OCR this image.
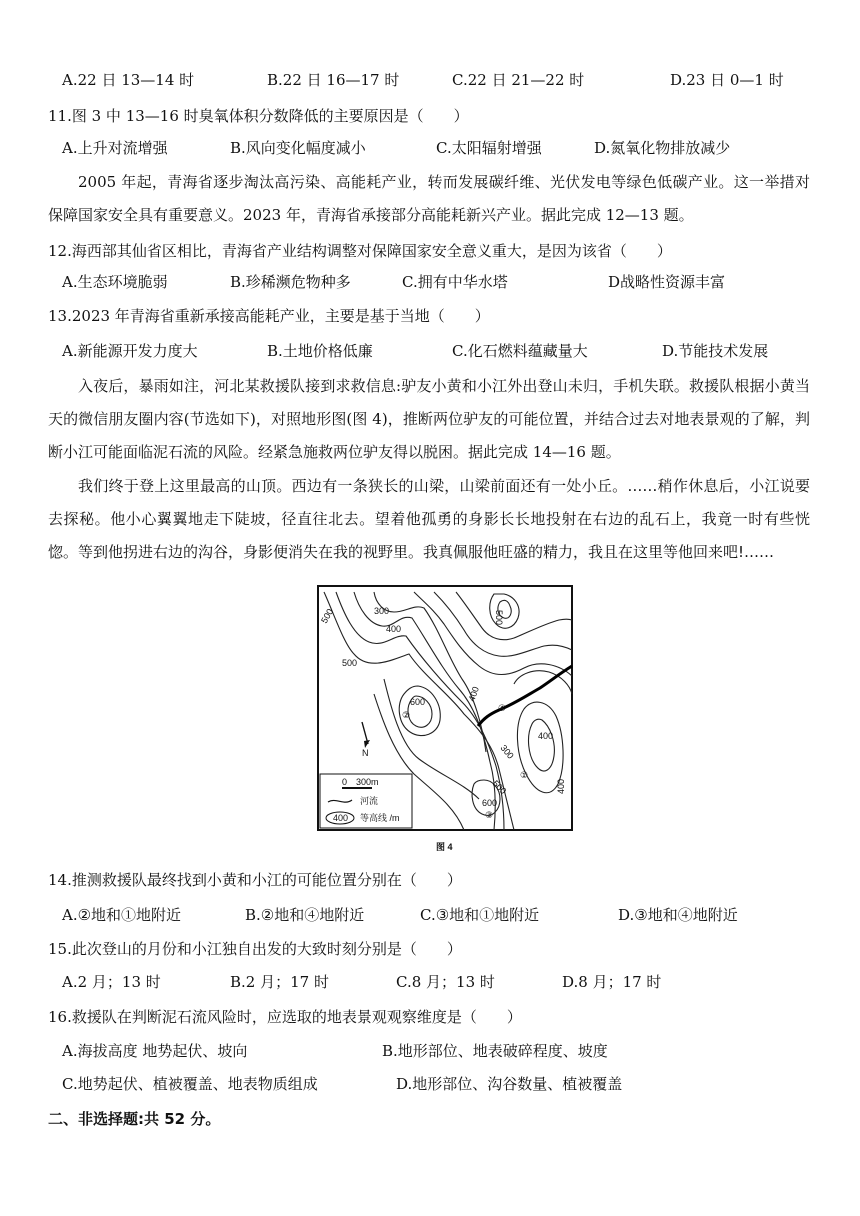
A.22 日 13—14 时	B.22 日 16—17 时	C.22 日 21—22 时	D.23 日 0—1 时
11.图 3 中 13—16 时臭氧体积分数降低的主要原因是（　　）
A.上升对流增强	B.风向变化幅度减小	C.太阳辐射增强	D.氮氧化物排放减少
2005 年起，青海省逐步淘汰高污染、高能耗产业，转而发展碳纤维、光伏发电等绿色低碳产业。这一举措对保障国家安全具有重要意义。2023 年，青海省承接部分高能耗新兴产业。据此完成 12—13 题。
12.海西部其仙省区相比，青海省产业结构调整对保障国家安全意义重大，是因为该省（　　）
A.生态环境脆弱	B.珍稀濒危物种多	C.拥有中华水塔	D战略性资源丰富
13.2023 年青海省重新承接高能耗产业，主要是基于当地（　　）
A.新能源开发力度大	B.土地价格低廉	C.化石燃料蕴藏量大	D.节能技术发展
入夜后，暴雨如注，河北某救援队接到求救信息:驴友小黄和小江外出登山未归，手机失联。救援队根据小黄当天的微信朋友圈内容(节选如下)，对照地形图(图 4)，推断两位驴友的可能位置，并结合过去对地表景观的了解，判断小江可能面临泥石流的风险。经紧急施救两位驴友得以脱困。据此完成 14—16 题。
我们终于登上这里最高的山顶。西边有一条狭长的山梁，山梁前面还有一处小丘。……稍作休息后，小江说要去探秘。他小心翼翼地走下陡坡，径直往北去。望着他孤勇的身影长长地投射在右边的乱石上，我竟一时有些恍惚。等到他拐进右边的沟谷，身影便消失在我的视野里。我真佩服他旺盛的精力，我且在这里等他回来吧!……
300
400
500
500
600	400
400
300
500	400
600
500
②
④
①
③
N
0　300m
河流
400 等高线 /m
图 4
14.推测救援队最终找到小黄和小江的可能位置分别在（　　）
A.②地和①地附近	B.②地和④地附近	C.③地和①地附近	D.③地和④地附近
15.此次登山的月份和小江独自出发的大致时刻分别是（　　）
A.2 月；13 时	B.2 月；17 时	C.8 月；13 时	D.8 月；17 时
16.救援队在判断泥石流风险时，应选取的地表景观观察维度是（　　）
A.海拔高度 地势起伏、坡向	B.地形部位、地表破碎程度、坡度
C.地势起伏、植被覆盖、地表物质组成	D.地形部位、沟谷数量、植被覆盖
二、非选择题:共 52 分。
